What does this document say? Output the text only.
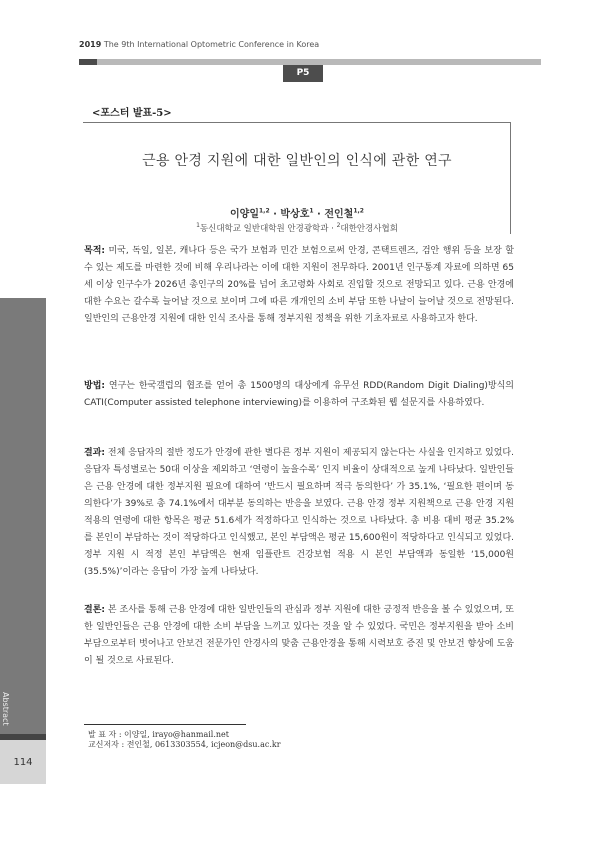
2019 The 9th International Optometric Conference in Korea
P5
<포스터 발표-5>
근용 안경 지원에 대한 일반인의 인식에 관한 연구
이양일$^{1,2}$ · 박상호$^1$ · 전인철$^{1,2}$
$^1$동신대학교 일반대학원 안경광학과 · $^2$대한안경사협회
목적: 미국, 독일, 일본, 캐나다 등은 국가 보험과 민간 보험으로써 안경, 콘택트렌즈, 검안 행위 등을 보장 할 수 있는 제도를 마련한 것에 비해 우리나라는 이에 대한 지원이 전무하다. 2001년 인구통계 자료에 의하면 65세 이상 인구수가 2026년 총인구의 20%를 넘어 초고령화 사회로 진입할 것으로 전망되고 있다. 근용 안경에 대한 수요는 갈수록 늘어날 것으로 보이며 그에 따른 개개인의 소비 부담 또한 나날이 늘어날 것으로 전망된다. 일반인의 근용안경 지원에 대한 인식 조사를 통해 정부지원 정책을 위한 기초자료로 사용하고자 한다.
방법: 연구는 한국갤럽의 협조를 얻어 총 1500명의 대상에게 유무선 RDD(Random Digit Dialing)방식의 CATI(Computer assisted telephone interviewing)를 이용하여 구조화된 웹 설문지를 사용하였다.
결과: 전체 응답자의 절반 정도가 안경에 관한 별다른 정부 지원이 제공되지 않는다는 사실을 인지하고 있었다. 응답자 특성별로는 50대 이상을 제외하고 ‘연령이 높을수록’ 인지 비율이 상대적으로 높게 나타났다. 일반인들은 근용 안경에 대한 정부지원 필요에 대하여 ‘반드시 필요하며 적극 동의한다’ 가 35.1%, ‘필요한 편이며 동의한다’가 39%로 총 74.1%에서 대부분 동의하는 반응을 보였다. 근용 안경 정부 지원책으로 근용 안경 지원 적용의 연령에 대한 항목은 평균 51.6세가 적정하다고 인식하는 것으로 나타났다. 총 비용 대비 평균 35.2%를 본인이 부담하는 것이 적당하다고 인식했고, 본인 부담액은 평균 15,600원이 적당하다고 인식되고 있었다. 정부 지원 시 적정 본인 부담액은 현재 임플란트 건강보험 적용 시 본인 부담액과 동일한 ‘15,000원(35.5%)’이라는 응답이 가장 높게 나타났다.
결론: 본 조사를 통해 근용 안경에 대한 일반인들의 관심과 정부 지원에 대한 긍정적 반응을 볼 수 있었으며, 또한 일반인들은 근용 안경에 대한 소비 부담을 느끼고 있다는 것을 알 수 있었다. 국민은 정부지원을 받아 소비부담으로부터 벗어나고 안보건 전문가인 안경사의 맞춤 근용안경을 통해 시력보호 증진 및 안보건 향상에 도움이 될 것으로 사료된다.
발 표 자 : 이양일, irayo@hanmail.net
교신저자 : 전인철, 0613303554, icjeon@dsu.ac.kr
Abstract
114
